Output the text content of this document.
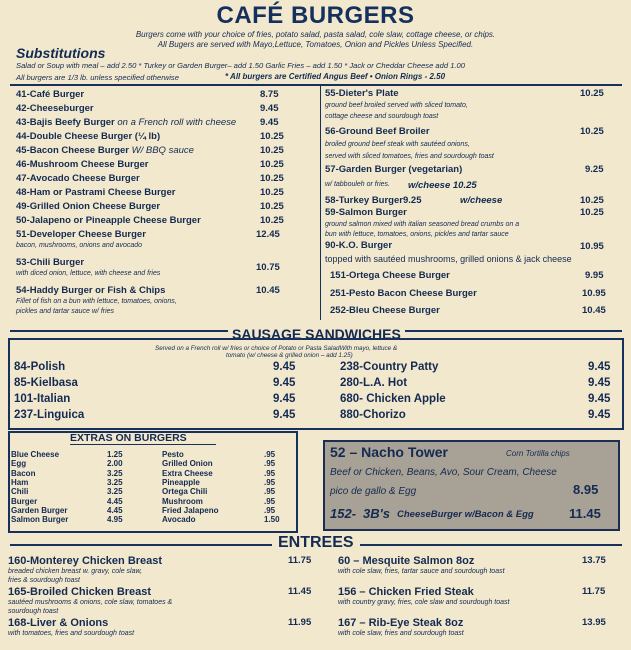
CAFÉ BURGERS
Burgers come with your choice of fries, potato salad, pasta salad, cole slaw, cottage cheese, or chips.
All Bugers are served with Mayo,Lettuce, Tomatoes, Onion and Pickles Unless Specified.
Substitutions
Salad or Soup with meal – add 2.50 * Turkey or Garden Burger– add 1.50 Garlic Fries – add 1.50 * Jack or Cheddar Cheese add 1.00
All burgers are 1/3 lb. unless specified otherwise	* All burgers are Certified Angus Beef • Onion Rings - 2.50
41-Café Burger	8.75
42-Cheeseburger	9.45
43-Bajis Beefy Burger on a French roll with cheese	9.45
44-Double Cheese Burger (¼ lb)	10.25
45-Bacon Cheese Burger W/ BBQ sauce	10.25
46-Mushroom Cheese Burger	10.25
47-Avocado Cheese Burger	10.25
48-Ham or Pastrami Cheese Burger	10.25
49-Grilled Onion Cheese Burger	10.25
50-Jalapeno or Pineapple Cheese Burger	10.25
51-Developer Cheese Burger	12.45
bacon, mushrooms, onions and avocado
53-Chili Burger	10.75
with diced onion, lettuce, with cheese and fries
54-Haddy Burger or Fish & Chips	10.45
Fillet of fish on a bun with lettuce, tomatoes, onions,
pickles and tartar sauce w/ fries
55-Dieter's Plate	10.25
ground beef broiled served with sliced tomato,
cottage cheese and sourdough toast
56-Ground Beef Broiler	10.25
broiled ground beef steak with sautéed onions,
served with sliced tomatoes, fries and sourdough toast
57-Garden Burger (vegetarian)	9.25
w/ tabbouleh or fries. w/cheese 10.25
58-Turkey Burger 9.25	w/cheese	10.25
59-Salmon Burger	10.25
ground salmon mixed with italian seasoned bread crumbs on a
bun with lettuce, tomatoes, onions, pickles and tartar sauce
90-K.O. Burger	10.95
topped with sautéed mushrooms, grilled onions & jack cheese
151-Ortega Cheese Burger	9.95
251-Pesto Bacon Cheese Burger	10.95
252-Bleu Cheese Burger	10.45
SAUSAGE SANDWICHES
Served on a French roll w/ fries or choice of Potato or Pasta SaladWith mayo, lettuce &
tomato (w/ cheese & grilled onion – add 1.25)
84-Polish	9.45
85-Kielbasa	9.45
101-Italian	9.45
237-Linguica	9.45
238-Country Patty	9.45
280-L.A. Hot	9.45
680- Chicken Apple	9.45
880-Chorizo	9.45
EXTRAS ON BURGERS
Blue Cheese	1.25
Egg	2.00
Bacon	3.25
Ham	3.25
Chili	3.25
Burger	4.45
Garden Burger	4.45
Salmon Burger	4.95
Pesto	.95
Grilled Onion	.95
Extra Cheese	.95
Pineapple	.95
Ortega Chili	.95
Mushroom	.95
Fried Jalapeno	.95
Avocado	1.50
52 – Nacho Tower	Corn Tortilla chips
Beef or Chicken, Beans, Avo, Sour Cream, Cheese
pico de gallo & Egg	8.95
152- 3B's CheeseBurger w/Bacon & Egg	11.45
ENTREES
160-Monterey Chicken Breast	11.75
breaded chicken breast w. gravy, cole slaw,
fries & sourdough toast
165-Broiled Chicken Breast	11.45
sautéed mushrooms & onions, cole slaw, tomatoes &
sourdough toast
168-Liver & Onions	11.95
with tomatoes, fries and sourdough toast
60 – Mesquite Salmon 8oz	13.75
with cole slaw, fries, tartar sauce and sourdough toast
156 – Chicken Fried Steak	11.75
with country gravy, fries, cole slaw and sourdough toast
167 – Rib-Eye Steak 8oz	13.95
with cole slaw, fries and sourdough toast
